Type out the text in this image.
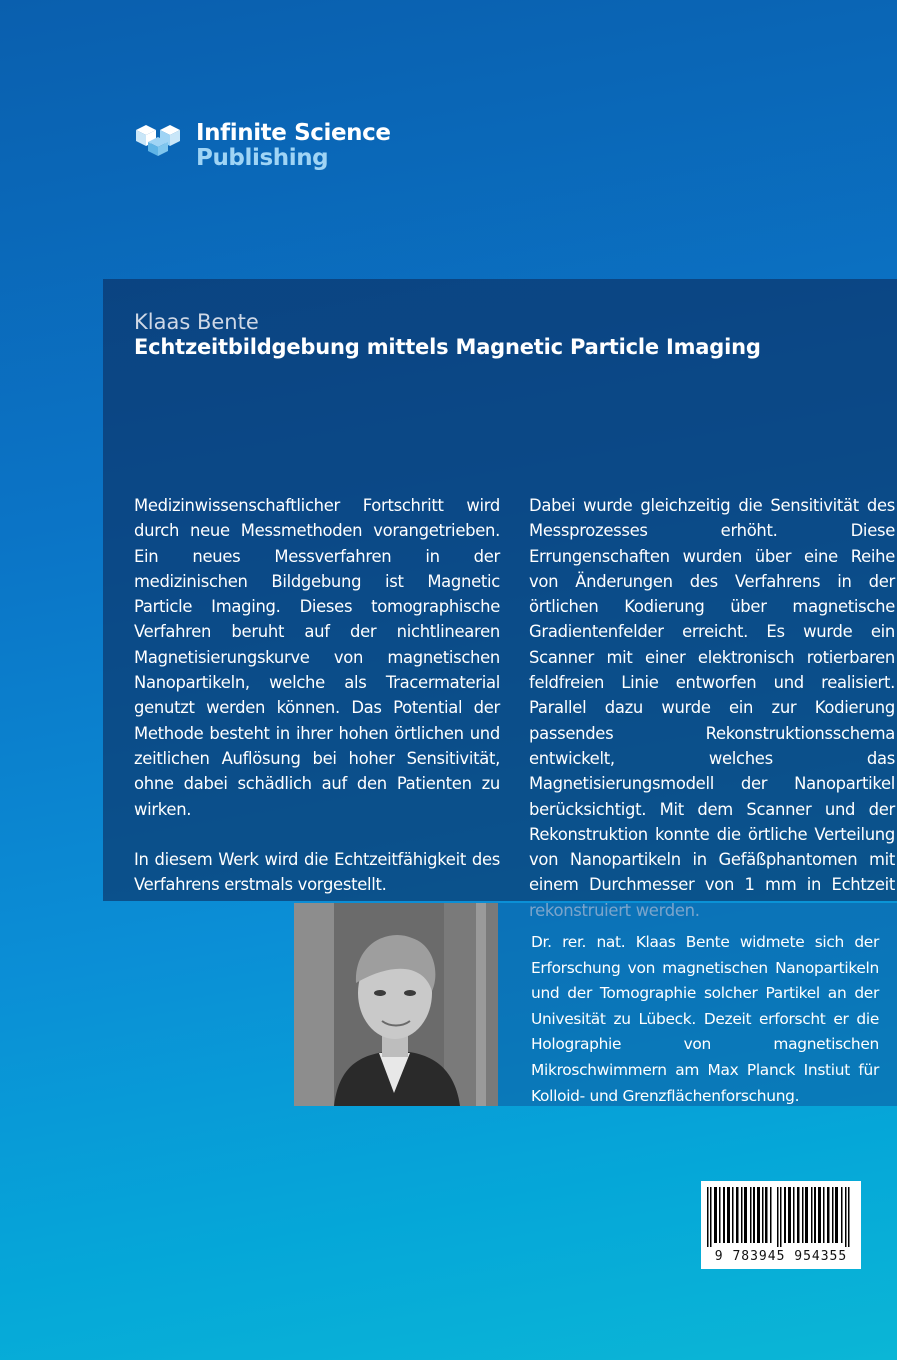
Infinite Science
Publishing
Klaas Bente
Echtzeitbildgebung mittels Magnetic Particle Imaging

Medizinwissenschaftlicher Fortschritt wird durch neue Messmethoden vorangetrieben. Ein neues Messverfahren in der medizinischen Bildgebung ist Magnetic Particle Imaging. Dieses tomographische Verfahren beruht auf der nichtlinearen Magnetisierungskurve von magnetischen Nanopartikeln, welche als Tracermaterial genutzt werden können. Das Potential der Methode besteht in ihrer hohen örtlichen und zeitlichen Auflösung bei hoher Sensitivität, ohne dabei schädlich auf den Patienten zu wirken.

In diesem Werk wird die Echtzeitfähigkeit des Verfahrens erstmals vorgestellt.

Dabei wurde gleichzeitig die Sensitivität des Messprozesses erhöht. Diese Errungenschaften wurden über eine Reihe von Änderungen des Verfahrens in der örtlichen Kodierung über magnetische Gradientenfelder erreicht. Es wurde ein Scanner mit einer elektronisch rotierbaren feldfreien Linie entworfen und realisiert. Parallel dazu wurde ein zur Kodierung passendes Rekonstruktionsschema entwickelt, welches das Magnetisierungsmodell der Nanopartikel berücksichtigt. Mit dem Scanner und der Rekonstruktion konnte die örtliche Verteilung von Nanopartikeln in Gefäßphantomen mit einem Durchmesser von 1 mm in Echtzeit

Dr. rer. nat. Klaas Bente widmete sich der Erforschung von magnetischen Nanopartikeln und der Tomographie solcher Partikel an der Univesität zu Lübeck. Dezeit erforscht er die Holographie von magnetischen Mikroschwimmern am Max Planck Instiut für Kolloid- und Grenzflächenforschung.
9 783945 954355
